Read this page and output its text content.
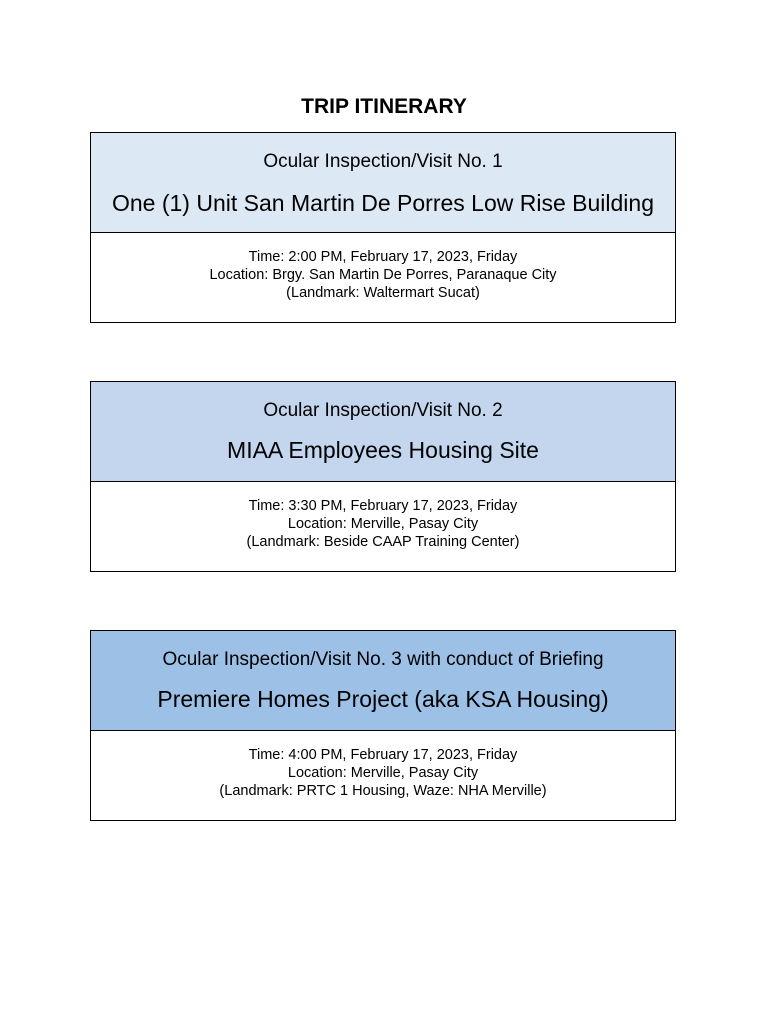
TRIP ITINERARY
Ocular Inspection/Visit No. 1
One (1) Unit San Martin De Porres Low Rise Building
Time: 2:00 PM, February 17, 2023, Friday
Location: Brgy. San Martin De Porres, Paranaque City
(Landmark: Waltermart Sucat)
Ocular Inspection/Visit No. 2
MIAA Employees Housing Site
Time: 3:30 PM, February 17, 2023, Friday
Location: Merville, Pasay City
(Landmark: Beside CAAP Training Center)
Ocular Inspection/Visit No. 3 with conduct of Briefing
Premiere Homes Project (aka KSA Housing)
Time: 4:00 PM, February 17, 2023, Friday
Location: Merville, Pasay City
(Landmark: PRTC 1 Housing, Waze: NHA Merville)
